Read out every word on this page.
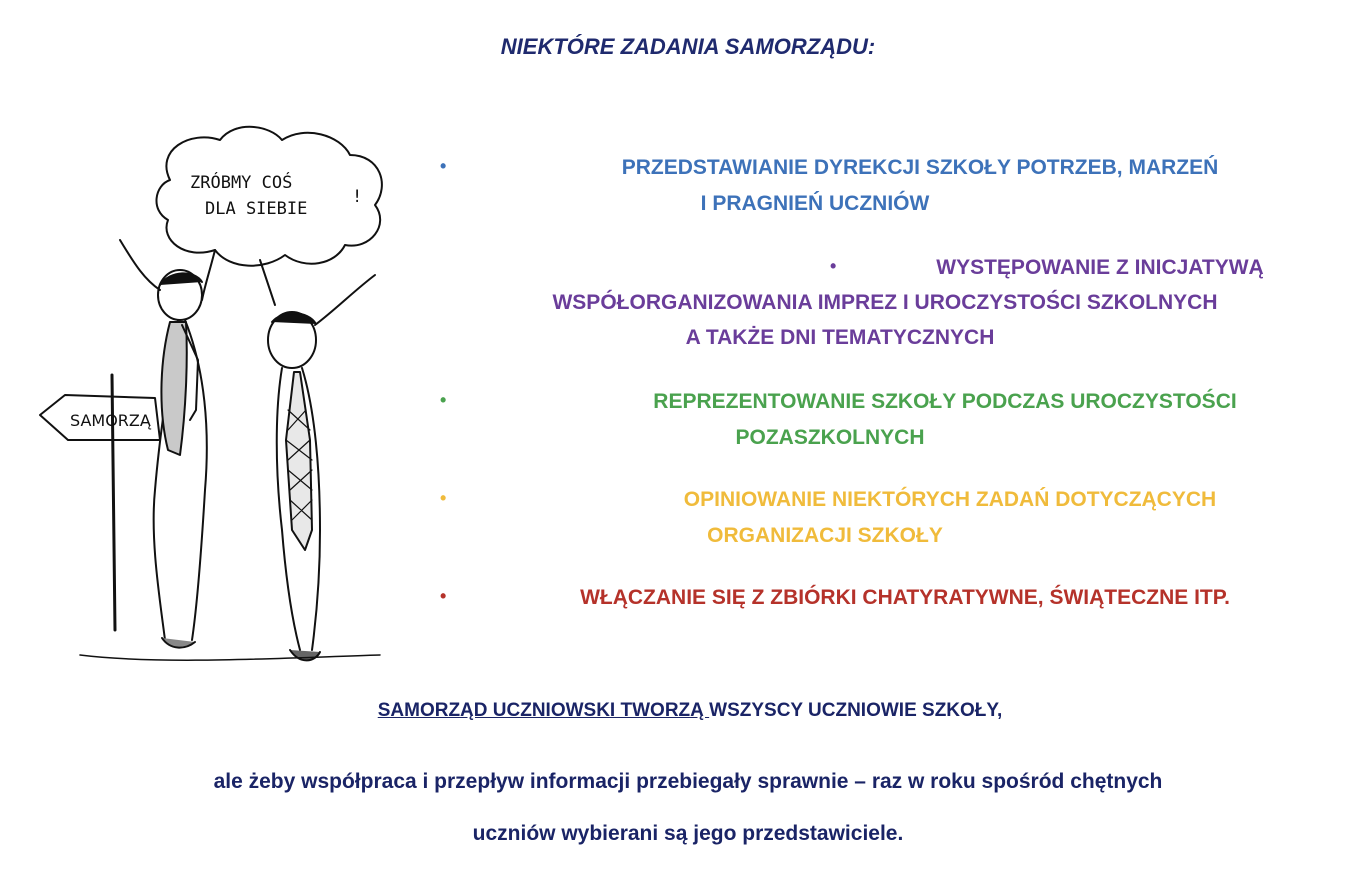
NIEKTÓRE ZADANIA SAMORZĄDU:
ZRÓBMY COŚ
DLA SIEBIE
!
SAMORZĄ
•	PRZEDSTAWIANIE DYREKCJI SZKOŁY POTRZEB, MARZEŃ
I PRAGNIEŃ UCZNIÓW
•	WYSTĘPOWANIE Z INICJATYWĄ
WSPÓŁORGANIZOWANIA IMPREZ I UROCZYSTOŚCI SZKOLNYCH
A TAKŻE DNI TEMATYCZNYCH
•	REPREZENTOWANIE SZKOŁY PODCZAS UROCZYSTOŚCI
POZASZKOLNYCH
•	OPINIOWANIE NIEKTÓRYCH ZADAŃ DOTYCZĄCYCH
ORGANIZACJI SZKOŁY
•	WŁĄCZANIE SIĘ Z ZBIÓRKI CHATYRATYWNE, ŚWIĄTECZNE ITP.
SAMORZĄD UCZNIOWSKI TWORZĄ WSZYSCY UCZNIOWIE SZKOŁY,
ale żeby współpraca i przepływ informacji przebiegały sprawnie – raz w roku spośród chętnych
uczniów wybierani są jego przedstawiciele.
